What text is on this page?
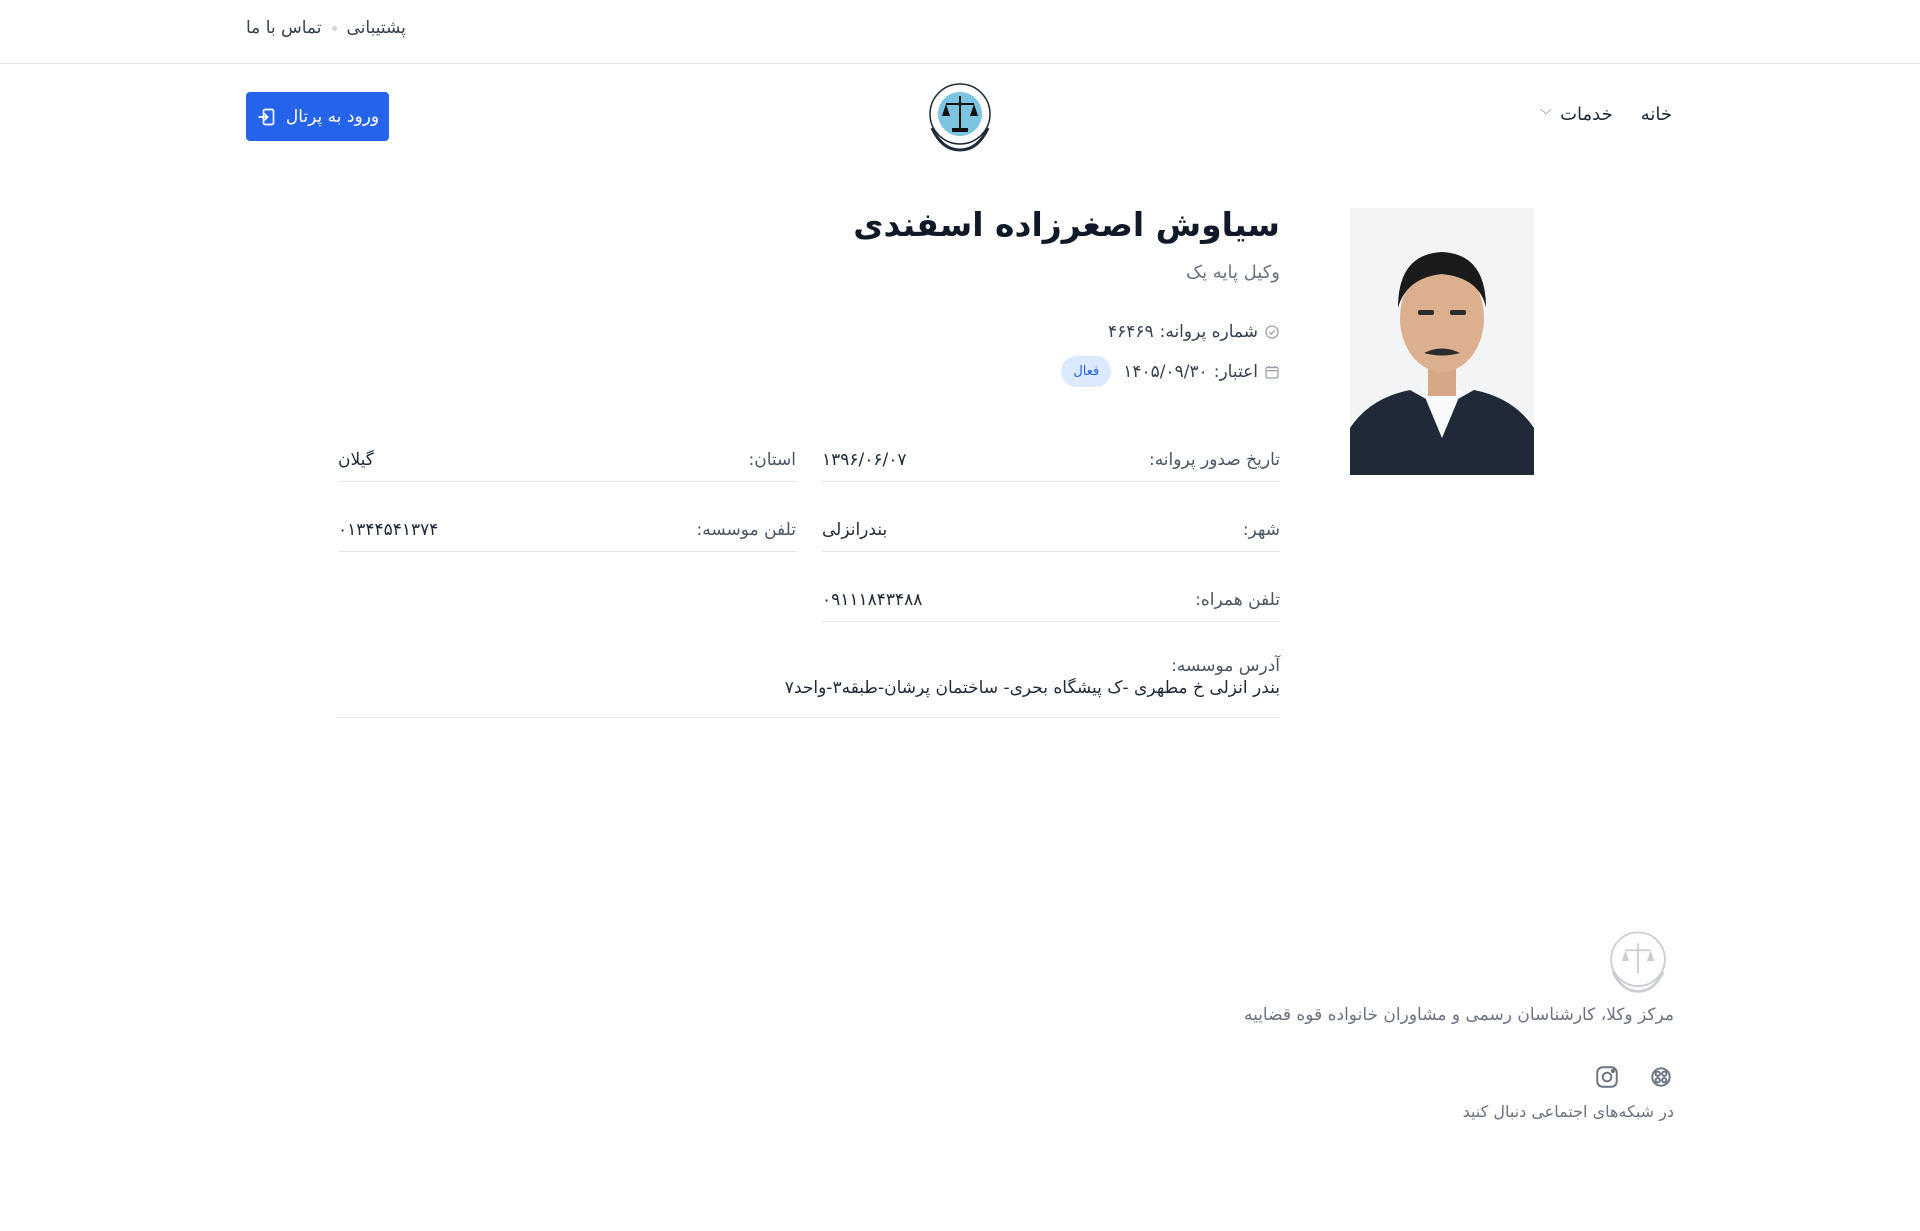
پشتیبانی
تماس با ما
خانه
خدمات
﹀
ورود به پرتال
سیاوش اصغرزاده اسفندی
وکیل پایه یک
شماره پروانه:
۴۶۴۶۹
اعتبار:
۱۴۰۵/۰۹/۳۰
فعال
تاریخ صدور پروانه:
۱۳۹۶/۰۶/۰۷
استان:
گیلان
شهر:
بندرانزلی
تلفن موسسه:
۰۱۳۴۴۵۴۱۳۷۴
تلفن همراه:
۰۹۱۱۱۸۴۳۴۸۸
آدرس موسسه:
بندر انزلی خ مطهری -ک پیشگاه بحری- ساختمان پرشان-طبقه۳-واحد۷
مرکز وکلا، کارشناسان رسمی و مشاوران خانواده قوه قضاییه
در شبکه‌های اجتماعی دنبال کنید
